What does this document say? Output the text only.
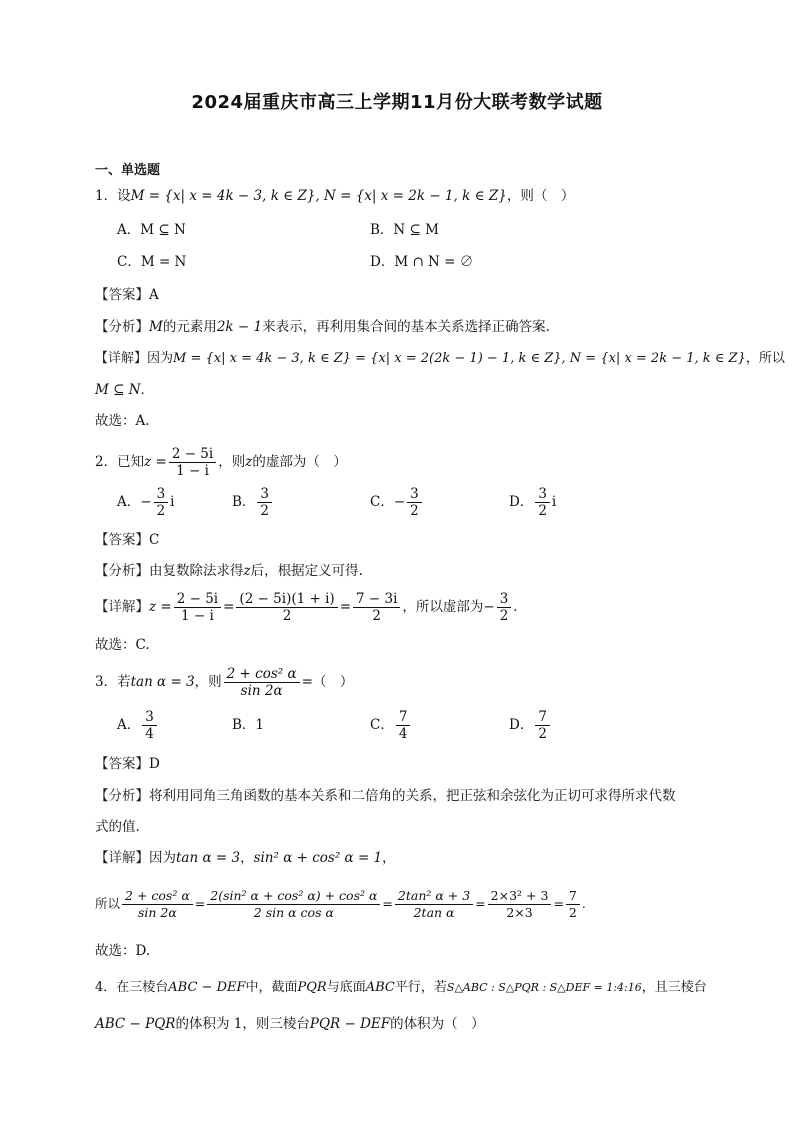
2024届重庆市高三上学期11月份大联考数学试题
一、单选题
1．设M = {x| x = 4k − 3, k ∈ Z}, N = {x| x = 2k − 1, k ∈ Z}，则（　）
A．M ⊆ N	B．N ⊆ M
C．M = N	D．M ∩ N = ∅
【答案】A
【分析】M的元素用2k − 1来表示，再利用集合间的基本关系选择正确答案.
【详解】因为M = {x| x = 4k − 3, k ∈ Z} = {x| x = 2(2k − 1) − 1, k ∈ Z}, N = {x| x = 2k − 1, k ∈ Z}，所以
M ⊆ N．
故选：A.
2．已知$z = \frac{2 - 5i}{1 - i}$ ，则z的虚部为（　）
A．− $\frac{3}{2}$ i	B． $\frac{3}{2}$	C．− $\frac{3}{2}$	D． $\frac{3}{2}$ i
【答案】C
【分析】由复数除法求得z后，根据定义可得.
【详解】$z = \frac{2 - 5i}{1 - i} = \frac{(2 - 5i)(1 + i)}{2} = \frac{7 - 3i}{2}$ ，所以虚部为− $\frac{3}{2}$ ．
故选：C.
3．若tan α = 3，则 $\frac{\text{2 + cos² α}}{\sin 2\alpha}$ =（　）
A． $\frac{3}{4}$	B．1	C． $\frac{7}{4}$	D． $\frac{7}{2}$
【答案】D
【分析】将利用同角三角函数的基本关系和二倍角的关系，把正弦和余弦化为正切可求得所求代数
式的值.
【详解】因为tan α = 3，sin² α + cos² α = 1，
所以 $\frac{\text{2 + cos² α}}{\sin 2\alpha} = \frac{\text{2(sin² α + cos² α) + cos² α}}{\text{2 sin α cos α}} = \frac{\text{2tan² α + 3}}{\text{2tan α}} = \frac{\text{2×3² + 3}}{2\times 3} = \frac{7}{2}$ .
故选：D.
4．在三棱台ABC − DEF中，截面PQR与底面ABC平行，若S△ABC : S△PQR : S△DEF = 1:4:16，且三棱台
ABC − PQR的体积为 1，则三棱台PQR − DEF的体积为（　）
